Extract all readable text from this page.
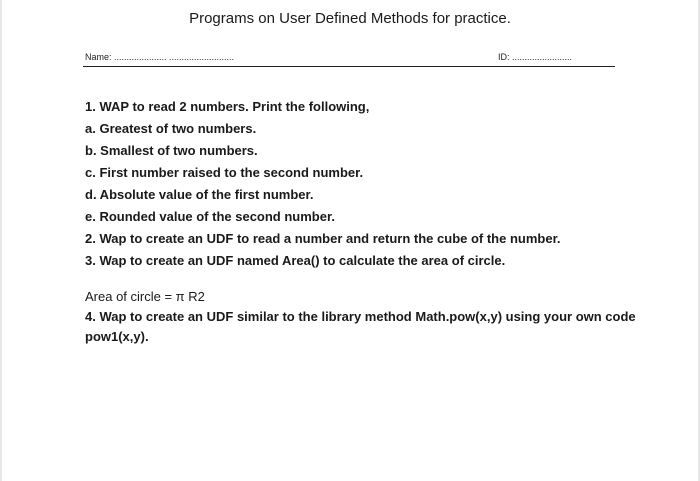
Programs on User Defined Methods for practice.
Name: ..................... ..........................	ID: ........................
1. WAP to read 2 numbers. Print the following,
a. Greatest of two numbers.
b. Smallest of two numbers.
c. First number raised to the second number.
d. Absolute value of the first number.
e. Rounded value of the second number.
2. Wap to create an UDF to read a number and return the cube of the number.
3. Wap to create an UDF named Area() to calculate the area of circle.
Area of circle = π R2
4. Wap to create an UDF similar to the library method Math.pow(x,y) using your own code pow1(x,y).
